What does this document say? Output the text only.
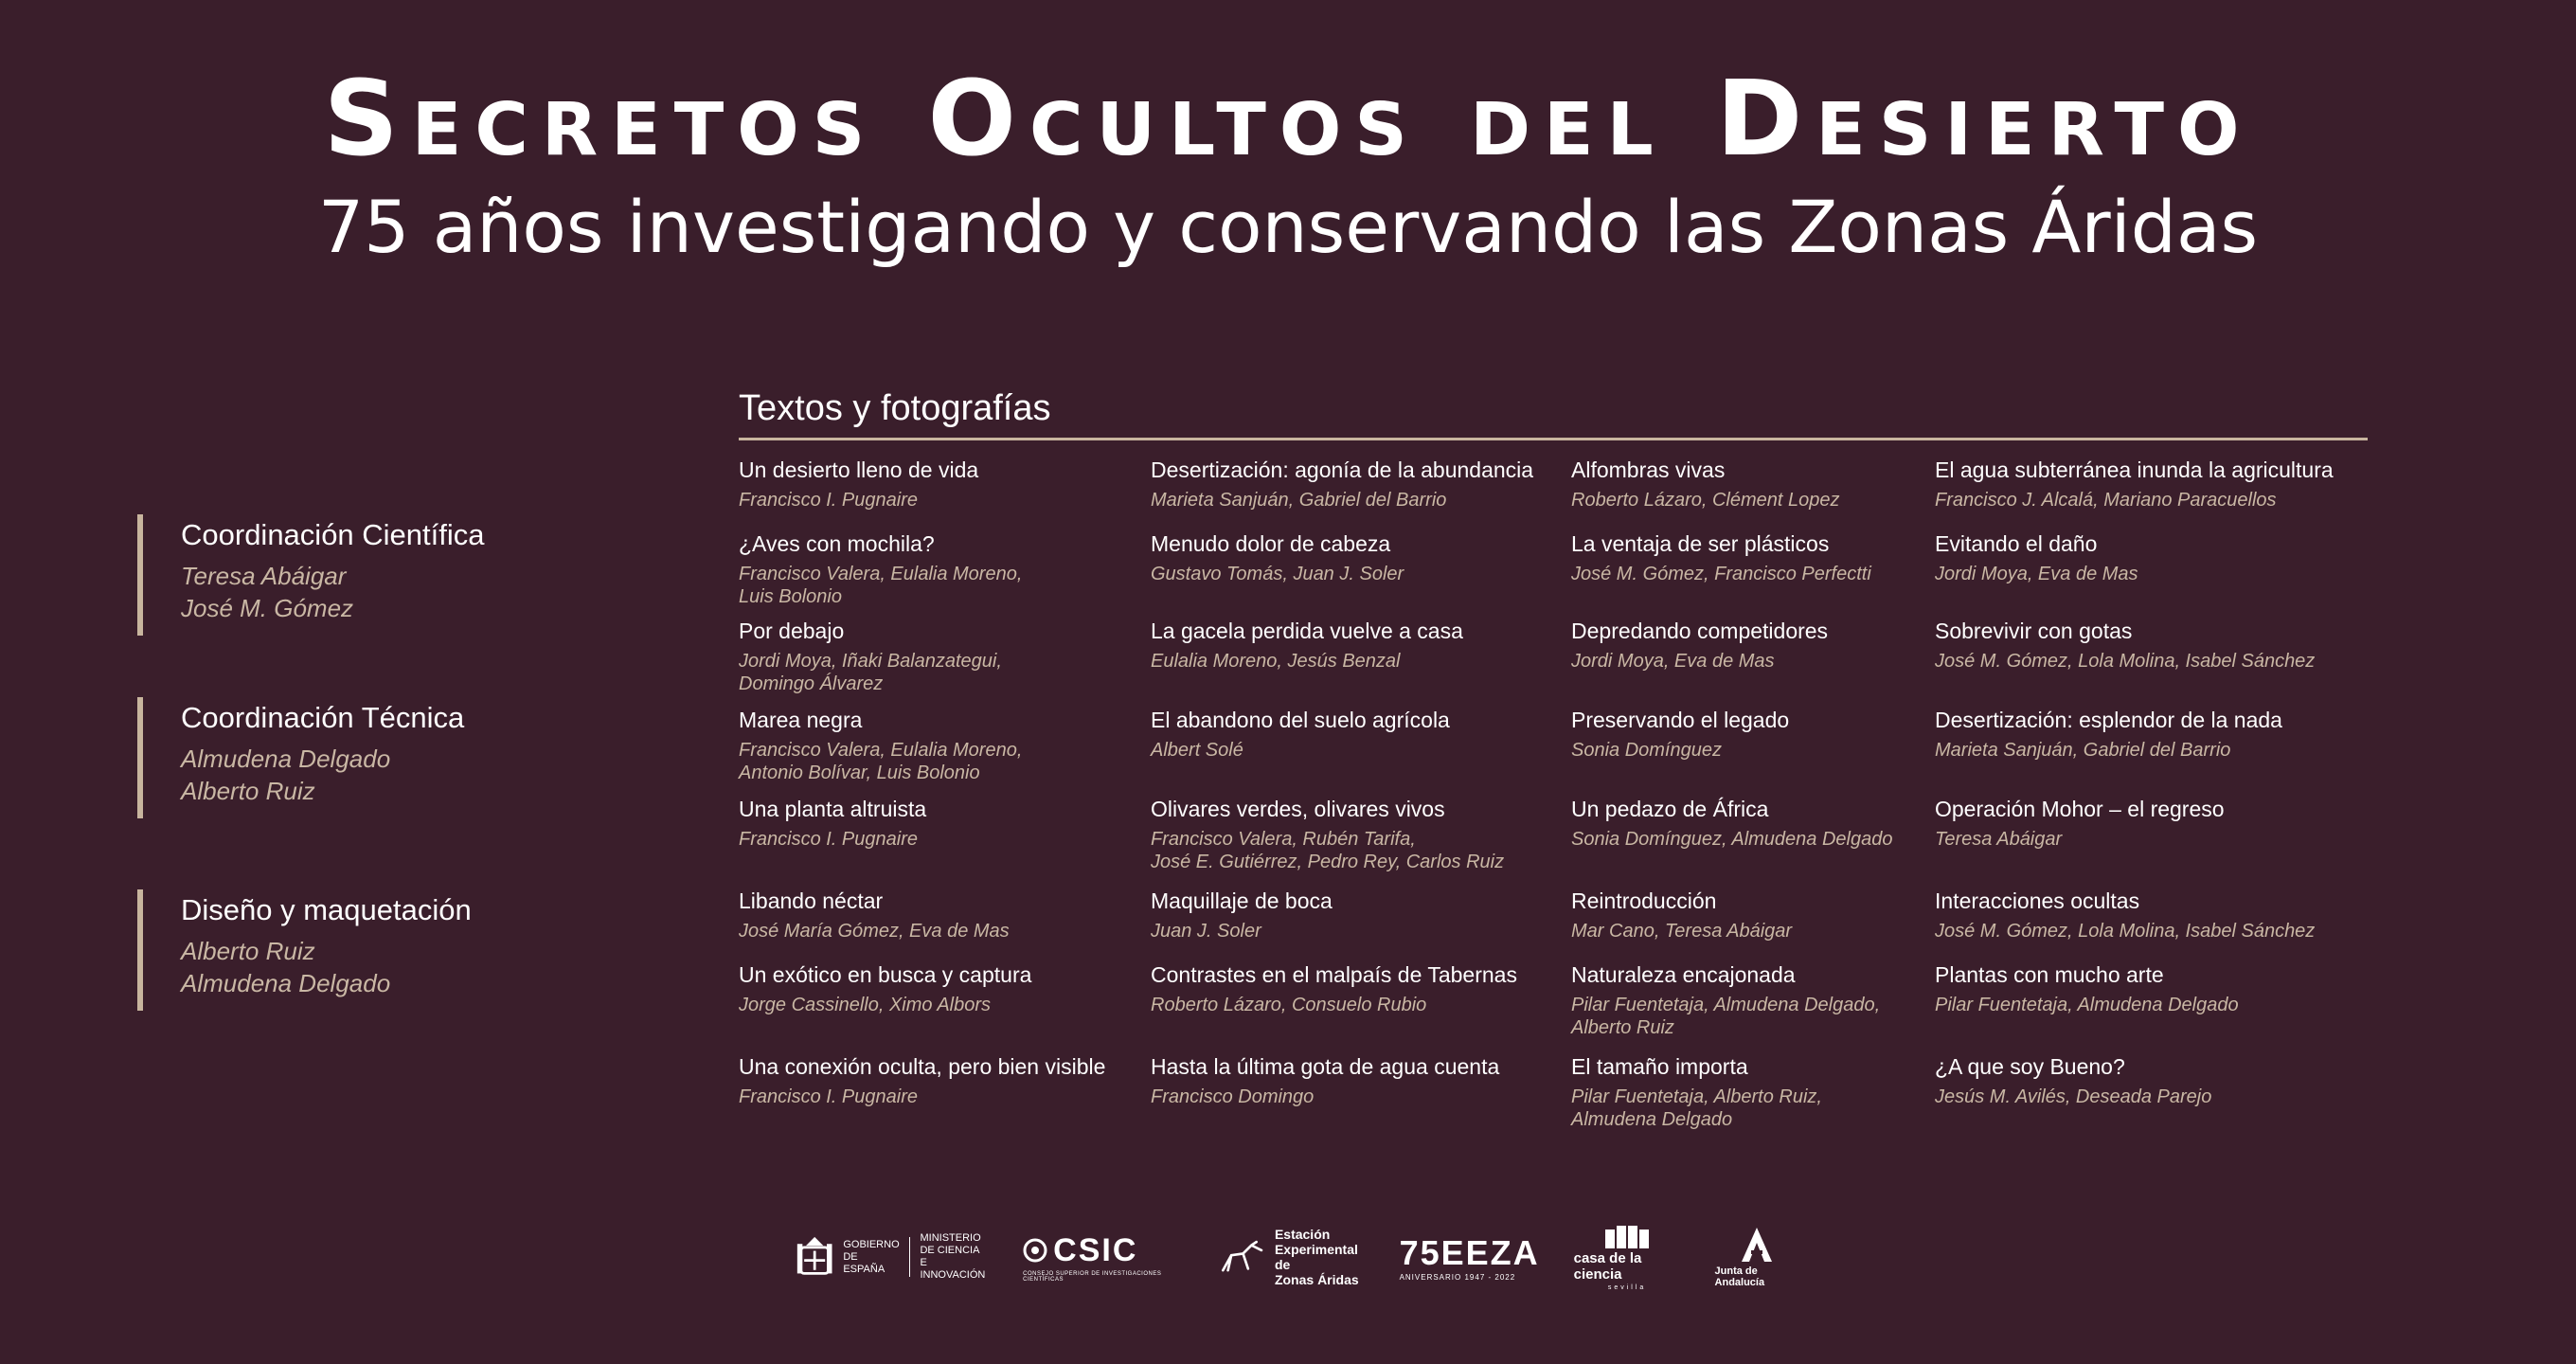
Secretos Ocultos del Desierto

75 años investigando y conservando las Zonas Áridas

Coordinación Científica
Teresa Abáigar
José M. Gómez
Coordinación Técnica
Almudena Delgado
Alberto Ruiz
Diseño y maquetación
Alberto Ruiz
Almudena Delgado
Textos y fotografías
Un desierto lleno de vida
Francisco I. Pugnaire
¿Aves con mochila?
Francisco Valera, Eulalia Moreno,
Luis Bolonio
Por debajo
Jordi Moya, Iñaki Balanzategui,
Domingo Álvarez
Marea negra
Francisco Valera, Eulalia Moreno,
Antonio Bolívar, Luis Bolonio
Una planta altruista
Francisco I. Pugnaire
Libando néctar
José María Gómez, Eva de Mas
Un exótico en busca y captura
Jorge Cassinello, Ximo Albors
Una conexión oculta, pero bien visible
Francisco I. Pugnaire
Desertización: agonía de la abundancia
Marieta Sanjuán, Gabriel del Barrio
Menudo dolor de cabeza
Gustavo Tomás, Juan J. Soler
La gacela perdida vuelve a casa
Eulalia Moreno, Jesús Benzal
El abandono del suelo agrícola
Albert Solé
Olivares verdes, olivares vivos
Francisco Valera, Rubén Tarifa,
José E. Gutiérrez, Pedro Rey, Carlos Ruiz
Maquillaje de boca
Juan J. Soler
Contrastes en el malpaís de Tabernas
Roberto Lázaro, Consuelo Rubio
Hasta la última gota de agua cuenta
Francisco Domingo
Alfombras vivas
Roberto Lázaro, Clément Lopez
La ventaja de ser plásticos
José M. Gómez, Francisco Perfectti
Depredando competidores
Jordi Moya, Eva de Mas
Preservando el legado
Sonia Domínguez
Un pedazo de África
Sonia Domínguez, Almudena Delgado
Reintroducción
Mar Cano, Teresa Abáigar
Naturaleza encajonada
Pilar Fuentetaja, Almudena Delgado,
Alberto Ruiz
El tamaño importa
Pilar Fuentetaja, Alberto Ruiz,
Almudena Delgado
El agua subterránea inunda la agricultura
Francisco J. Alcalá, Mariano Paracuellos
Evitando el daño
Jordi Moya, Eva de Mas
Sobrevivir con gotas
José M. Gómez, Lola Molina, Isabel Sánchez
Desertización: esplendor de la nada
Marieta Sanjuán, Gabriel del Barrio
Operación Mohor – el regreso
Teresa Abáigar
Interacciones ocultas
José M. Gómez, Lola Molina, Isabel Sánchez
Plantas con mucho arte
Pilar Fuentetaja, Almudena Delgado
¿A que soy Bueno?
Jesús M. Avilés, Deseada Parejo
GOBIERNO
DE ESPAÑA
MINISTERIO
DE CIENCIA
E INNOVACIÓN
CSIC
CONSEJO SUPERIOR DE INVESTIGACIONES CIENTÍFICAS
Estación
Experimental de
Zonas Áridas
75EEZA
ANIVERSARIO 1947 - 2022
casa de la ciencia
sevilla
Junta de Andalucía
